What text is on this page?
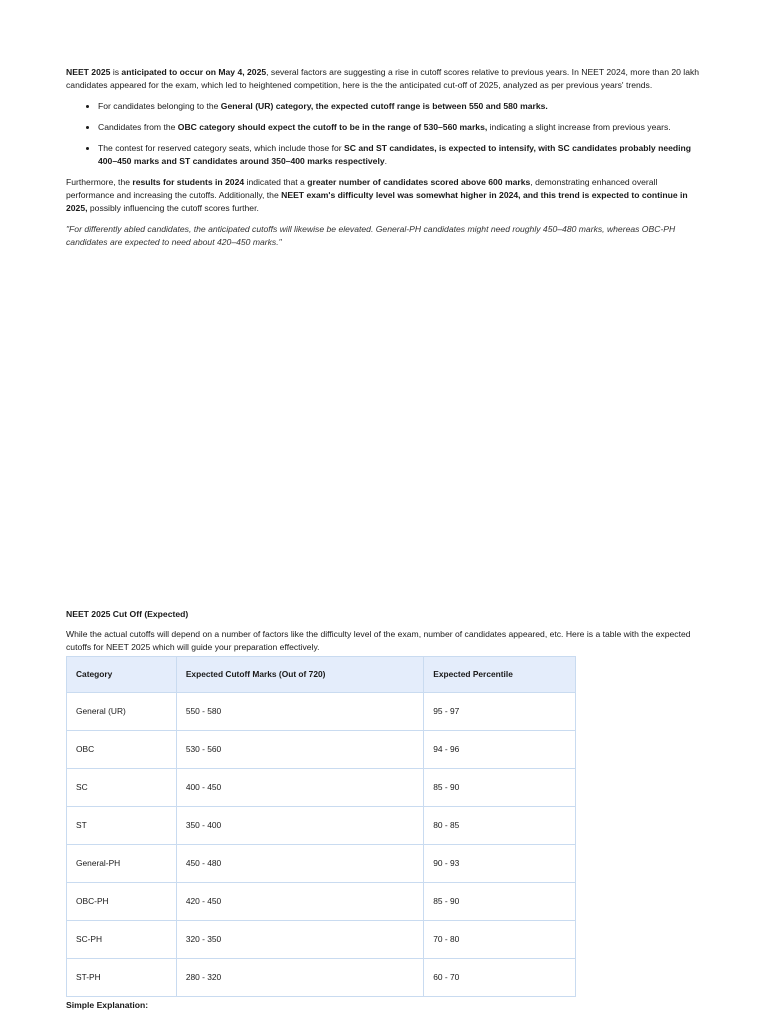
NEET 2025 is anticipated to occur on May 4, 2025, several factors are suggesting a rise in cutoff scores relative to previous years. In NEET 2024, more than 20 lakh candidates appeared for the exam, which led to heightened competition, here is the the anticipated cut-off of 2025, analyzed as per previous years' trends.

• For candidates belonging to the General (UR) category, the expected cutoff range is between 550 and 580 marks.
• Candidates from the OBC category should expect the cutoff to be in the range of 530–560 marks, indicating a slight increase from previous years.
• The contest for reserved category seats, which include those for SC and ST candidates, is expected to intensify, with SC candidates probably needing 400–450 marks and ST candidates around 350–400 marks respectively.

Furthermore, the results for students in 2024 indicated that a greater number of candidates scored above 600 marks, demonstrating enhanced overall performance and increasing the cutoffs. Additionally, the NEET exam's difficulty level was somewhat higher in 2024, and this trend is expected to continue in 2025, possibly influencing the cutoff scores further.

"For differently abled candidates, the anticipated cutoffs will likewise be elevated. General-PH candidates might need roughly 450–480 marks, whereas OBC-PH candidates are expected to need about 420–450 marks."

NEET 2025 Cut Off (Expected)

While the actual cutoffs will depend on a number of factors like the difficulty level of the exam, number of candidates appeared, etc. Here is a table with the expected cutoffs for NEET 2025 which will guide your preparation effectively.

Category	Expected Cutoff Marks (Out of 720)	Expected Percentile
General (UR)	550 - 580	95 - 97
OBC	530 - 560	94 - 96
SC	400 - 450	85 - 90
ST	350 - 400	80 - 85
General-PH	450 - 480	90 - 93
OBC-PH	420 - 450	85 - 90
SC-PH	320 - 350	70 - 80
ST-PH	280 - 320	60 - 70

Simple Explanation:
